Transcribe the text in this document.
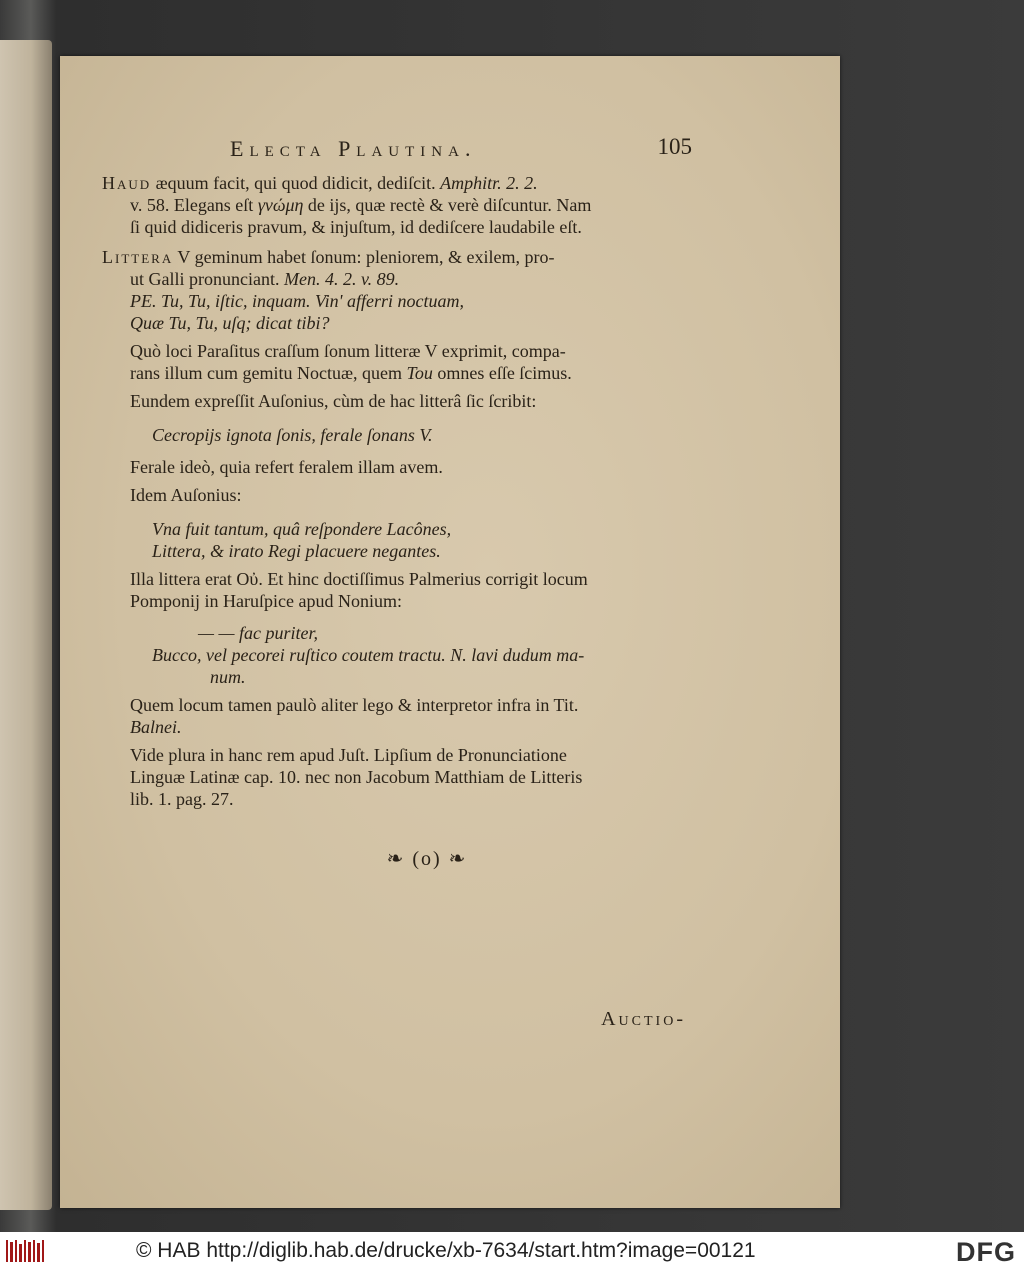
Electa Plautina.	105

Haud æquum facit, qui quod didicit, dediſcit. Amphitr. 2. 2.
v. 58. Elegans eſt γνώμη de ijs, quæ rectè & verè diſcuntur. Nam
ſi quid didiceris pravum, & injuſtum, id dediſcere laudabile eſt.

Littera V geminum habet ſonum: pleniorem, & exilem, pro-
ut Galli pronunciant. Men. 4. 2. v. 89.

PE. Tu, Tu, iſtic, inquam. Vin' afferri noctuam,
Quæ Tu, Tu, uſq; dicat tibi?

Quò loci Paraſitus craſſum ſonum litteræ V exprimit, compa-
rans illum cum gemitu Noctuæ, quem Tou omnes eſſe ſcimus.

Eundem expreſſit Auſonius, cùm de hac litterâ ſic ſcribit:

Cecropijs ignota ſonis, ferale ſonans V.

Ferale ideò, quia refert feralem illam avem.

Idem Auſonius:

Vna fuit tantum, quâ reſpondere Lacônes,
Littera, & irato Regi placuere negantes.

Illa littera erat Oὐ. Et hinc doctiſſimus Palmerius corrigit locum
Pomponij in Haruſpice apud Nonium:

— — fac puriter,
Bucco, vel pecorei ruſtico coutem tractu. N. lavi dudum ma-
num.

Quem locum tamen paulò aliter lego & interpretor infra in Tit.
Balnei.

Vide plura in hanc rem apud Juſt. Lipſium de Pronunciatione
Linguæ Latinæ cap. 10. nec non Jacobum Matthiam de Litteris
lib. 1. pag. 27.

❧ (o) ❧
Auctio-
© HAB http://diglib.hab.de/drucke/xb-7634/start.htm?image=00121	DFG
